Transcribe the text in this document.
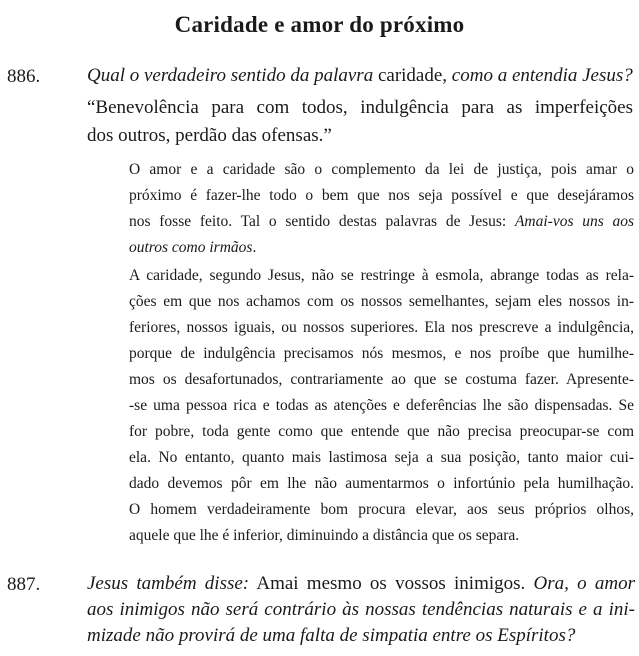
Caridade e amor do próximo
886. Qual o verdadeiro sentido da palavra caridade, como a entendia Jesus?
“Benevolência para com todos, indulgência para as imperfeições
dos outros, perdão das ofensas.”
O amor e a caridade são o complemento da lei de justiça, pois amar o
próximo é fazer-lhe todo o bem que nos seja possível e que desejáramos
nos fosse feito. Tal o sentido destas palavras de Jesus: Amai-vos uns aos
outros como irmãos.
A caridade, segundo Jesus, não se restringe à esmola, abrange todas as rela-
ções em que nos achamos com os nossos semelhantes, sejam eles nossos in-
feriores, nossos iguais, ou nossos superiores. Ela nos prescreve a indulgência,
porque de indulgência precisamos nós mesmos, e nos proíbe que humilhe-
mos os desafortunados, contrariamente ao que se costuma fazer. Apresente-
-se uma pessoa rica e todas as atenções e deferências lhe são dispensadas. Se
for pobre, toda gente como que entende que não precisa preocupar-se com
ela. No entanto, quanto mais lastimosa seja a sua posição, tanto maior cui-
dado devemos pôr em lhe não aumentarmos o infortúnio pela humilhação.
O homem verdadeiramente bom procura elevar, aos seus próprios olhos,
aquele que lhe é inferior, diminuindo a distância que os separa.
887. Jesus também disse: Amai mesmo os vossos inimigos. Ora, o amor
aos inimigos não será contrário às nossas tendências naturais e a ini-
mizade não provirá de uma falta de simpatia entre os Espíritos?
